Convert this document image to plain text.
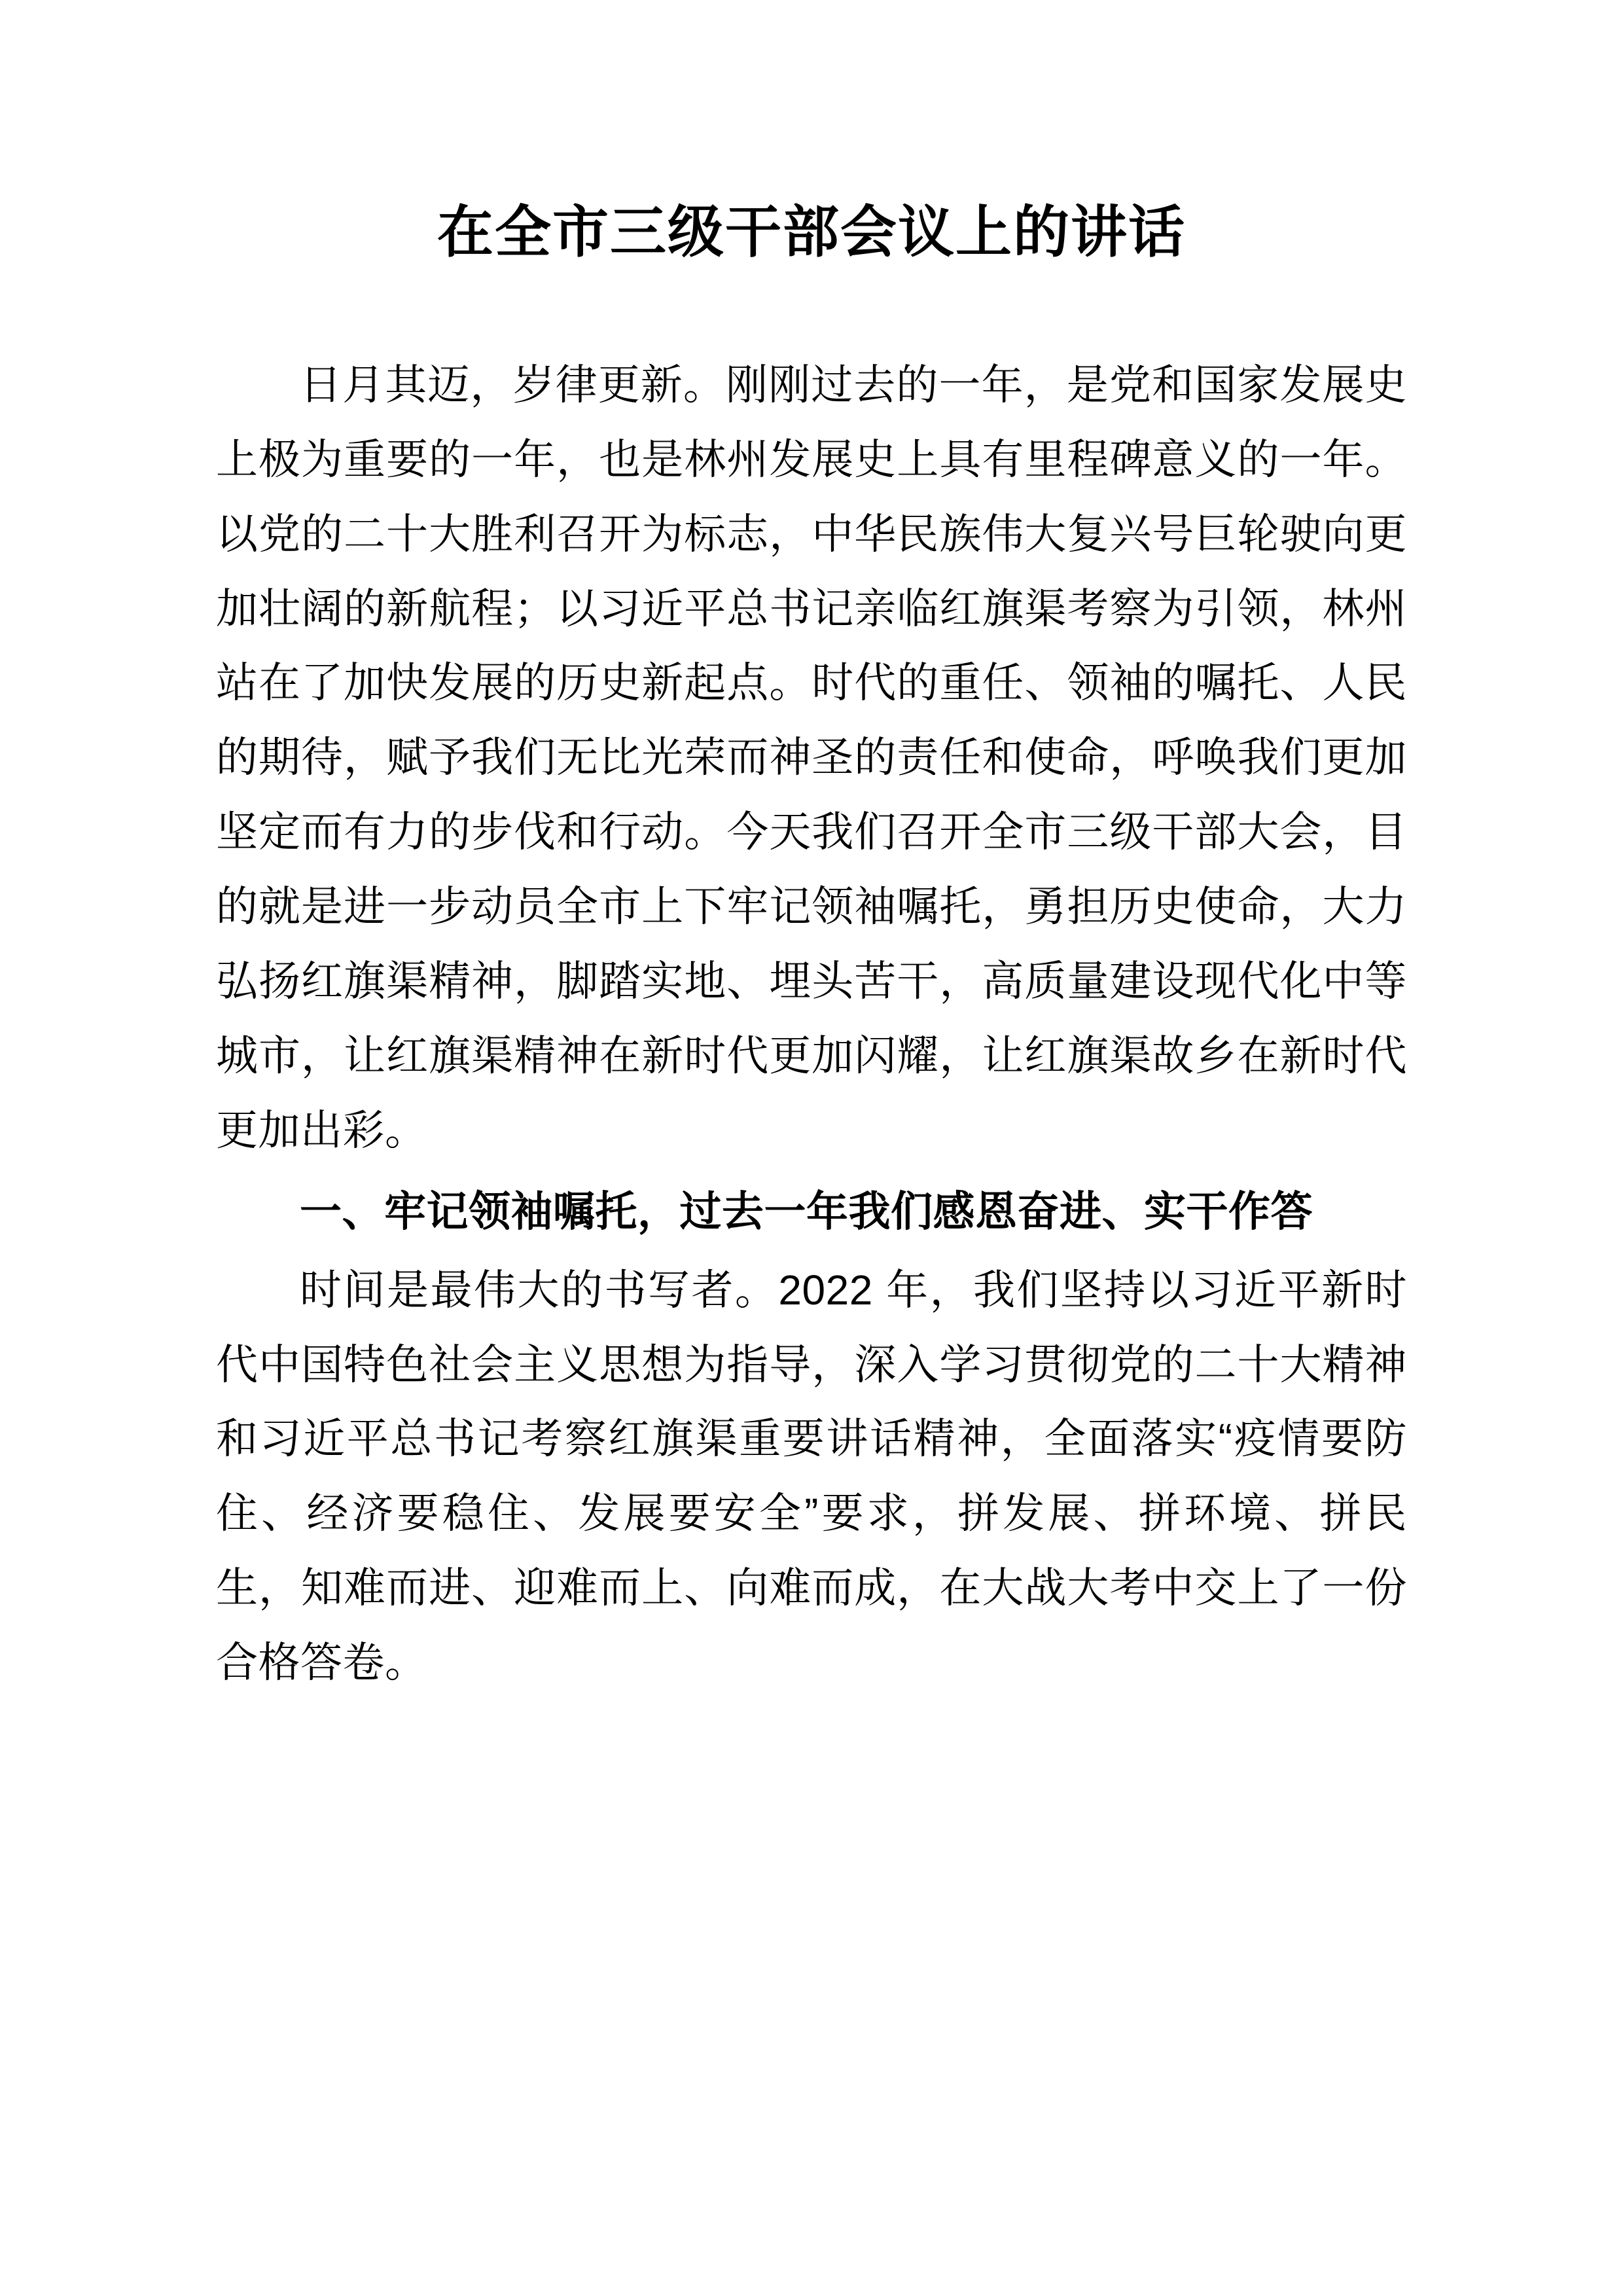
在全市三级干部会议上的讲话

日月其迈，岁律更新。刚刚过去的一年，是党和国家发展史上极为重要的一年，也是林州发展史上具有里程碑意义的一年。以党的二十大胜利召开为标志，中华民族伟大复兴号巨轮驶向更加壮阔的新航程；以习近平总书记亲临红旗渠考察为引领，林州站在了加快发展的历史新起点。时代的重任、领袖的嘱托、人民的期待，赋予我们无比光荣而神圣的责任和使命，呼唤我们更加坚定而有力的步伐和行动。今天我们召开全市三级干部大会，目的就是进一步动员全市上下牢记领袖嘱托，勇担历史使命，大力弘扬红旗渠精神，脚踏实地、埋头苦干，高质量建设现代化中等城市，让红旗渠精神在新时代更加闪耀，让红旗渠故乡在新时代更加出彩。

一、牢记领袖嘱托，过去一年我们感恩奋进、实干作答

时间是最伟大的书写者。2022 年，我们坚持以习近平新时代中国特色社会主义思想为指导，深入学习贯彻党的二十大精神和习近平总书记考察红旗渠重要讲话精神，全面落实“疫情要防住、经济要稳住、发展要安全”要求，拼发展、拼环境、拼民生，知难而进、迎难而上、向难而成，在大战大考中交上了一份合格答卷。
